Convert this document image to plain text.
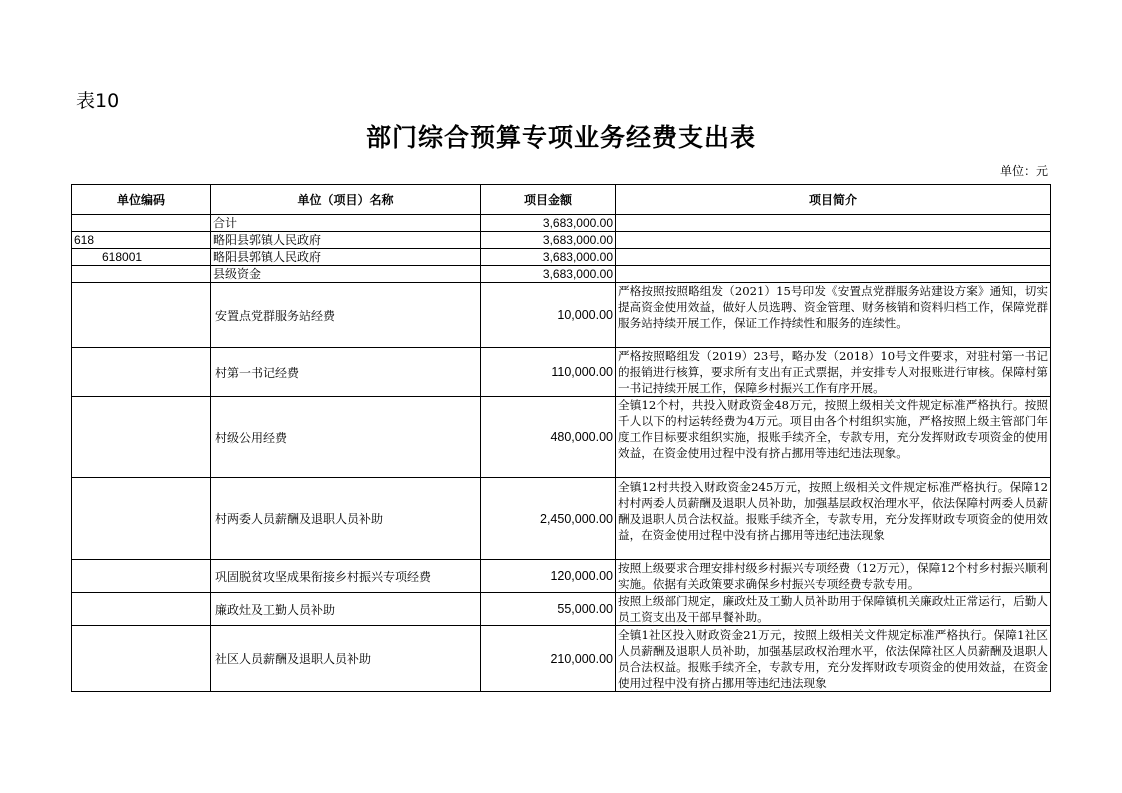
表10
部门综合预算专项业务经费支出表
单位：元
单位编码	单位（项目）名称	项目金额	项目简介
	合计	3,683,000.00	
618	略阳县郭镇人民政府	3,683,000.00	
618001	略阳县郭镇人民政府	3,683,000.00	
	县级资金	3,683,000.00	
	安置点党群服务站经费	10,000.00	严格按照按照略组发（2021）15号印发《安置点党群服务站建设方案》通知，切实提高资金使用效益，做好人员选聘、资金管理、财务核销和资料归档工作，保障党群服务站持续开展工作，保证工作持续性和服务的连续性。

	村第一书记经费	110,000.00	严格按照略组发（2019）23号，略办发（2018）10号文件要求，对驻村第一书记的报销进行核算，要求所有支出有正式票据，并安排专人对报账进行审核。保障村第一书记持续开展工作，保障乡村振兴工作有序开展。

	村级公用经费	480,000.00	全镇12个村，共投入财政资金48万元，按照上级相关文件规定标准严格执行。按照千人以下的村运转经费为4万元。项目由各个村组织实施，严格按照上级主管部门年度工作目标要求组织实施，报账手续齐全，专款专用，充分发挥财政专项资金的使用效益，在资金使用过程中没有挤占挪用等违纪违法现象。

	村两委人员薪酬及退职人员补助	2,450,000.00	全镇12村共投入财政资金245万元，按照上级相关文件规定标准严格执行。保障12村村两委人员薪酬及退职人员补助，加强基层政权治理水平，依法保障村两委人员薪酬及退职人员合法权益。报账手续齐全，专款专用，充分发挥财政专项资金的使用效益，在资金使用过程中没有挤占挪用等违纪违法现象

	巩固脱贫攻坚成果衔接乡村振兴专项经费	120,000.00	按照上级要求合理安排村级乡村振兴专项经费（12万元），保障12个村乡村振兴顺利实施。依据有关政策要求确保乡村振兴专项经费专款专用。

	廉政灶及工勤人员补助	55,000.00	按照上级部门规定，廉政灶及工勤人员补助用于保障镇机关廉政灶正常运行，后勤人员工资支出及干部早餐补助。

	社区人员薪酬及退职人员补助	210,000.00	全镇1社区投入财政资金21万元，按照上级相关文件规定标准严格执行。保障1社区人员薪酬及退职人员补助，加强基层政权治理水平，依法保障社区人员薪酬及退职人员合法权益。报账手续齐全，专款专用，充分发挥财政专项资金的使用效益，在资金使用过程中没有挤占挪用等违纪违法现象
